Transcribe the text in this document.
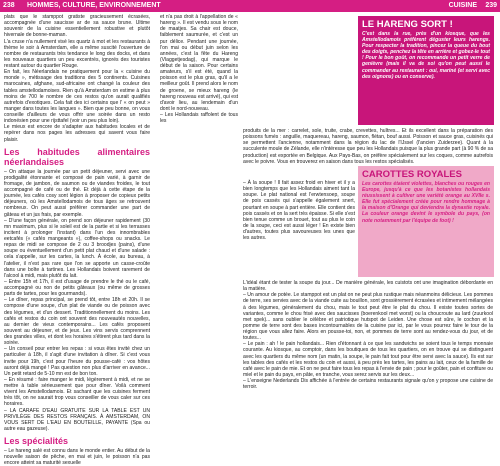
238 HOMMES, CULTURE, ENVIRONNEMENT	CUISINE 239

plats que le stamppot gratiste gracieusement écrasées, accompagnée d'une saucisse ar de sa sauce brune. Ultime souvenir de la cuisine essentiellement robustive et plutôt hivernale de bonne-maman.

L'a cruse n'a nullement visé les quartz à mot et les restaurants à thème le soir à Amsterdam, elle a même suscité l'ouverture de nombre de restaurants très tendance le long des docks, et dans les nouveaux quartiers un peu excentrés, ignorés des touristes restant autour du quartier Rouge.

En fait, les Néerlandais ne pratiquement pour la « cuisine du monde », métissage des traditions des 5 continents. Cuisines marocaines, afghane, sud-africaine ont changé la couleur des tables amstellodamoises. Rien qu'à Amsterdam on estime à plus moins de 700 le nombre de ces restos qu'on aurait qualifiés autrefois d'exotiques. Cela fait des ici certains que l' « on peut » manger dans toutes les langues ». Bien que peu bonne, on vous conseille d'ailleurs de vous offrir une soirée dans un resto indonésien pour une rijsttafel (voir un peu plus loin).

Le mieux est encore de s'adapter aux habitudes locales et de repérer dans nos pages les adresses qui savent vous faire plaisir.

Les habitudes alimentaires néerlandaises

– On attaque la journée par un petit déjeuner, servi avec une prodigalité étonnante et composé de pain varié, à garnir de fromage, de jambon, de saumon ou de viandes froides, le tout accompagné de café ou de thé. Et déjà à cette étape de la journée, les cafés cosy sont légion à proposer de copieux petits déjeuners, où les Amstellodamois de tous âges se retrouvent nombreux. On peut aussi préférer commander une part de gâteau et un jus frais, par exemple.

– D'une façon générale, on prend son déjeuner rapidement (30 mn maximum, plus si le soleil est de la partie et si les terrasses incitent à prolonger l'instant) dans l'un des innombrables eetcafés (« cafés mangeants »), coffee-shops ou snacks. Le repas de midi se compose de 2 ou 3 broodjes (pains), d'une soupe ou éventuellement d'un petit plat chaud et d'une salade : cela s'appelle, sur les cartes, la lunch. À école, au bureau, à l'atelier, il n'est pas rare que l'on se apporte un casse-croûte dans une boîte à tartines. Les Hollandais boivent rarement de l'alcool à midi, mais plutôt du lait.

– Entre 15h et 17h, il est d'usage de prendre le thé ou le café, accompagné ou non de petits gâteaux (ou même de grosses parts de tartes, pour les gourmands).

– Le dîner, repas principal, se prend tôt, entre 18h et 20h. Il se compose d'une soupe, d'un plat de viande ou de poisson avec des légumes, et d'un dessert. Traditionnellement du moins. Les cafés et restos du coin ont souvent des nouveautés nouvelles, au dernier de vieux contemporains... Les cafés proposent souvent au déjeuner, et de jeux. Les vins servis comprennent des grandes villes, et dont les horaires s'étirent plus tard dans la soirée.

– Un conseil pour entrer les repas : si vous êtes invité chez un particulier à 18h, il s'agit d'une invitation à dîner. Si c'est vous invite pour 19h, c'est pour l'heure du pousse-café : vos hôtes auront déjà mangé ! Pas question non plus d'arriver en avance... Un petit retard de 5-10 mn est de bon ton.

– En résumé : faire manger le midi, légèrement à midi, et ne se mettre à table sérieusement que pour dîner. Voilà comment vivent les Amstellodamois. Et sachant que les cuisines ferment très tôt, on ne saurait trop vous conseiller de vous caler sur ces horaires.

– LA CARAFE D'EAU GRATUITE SUR LA TABLE EST UN PRIVILÈGE DES RESTOS FRANÇAIS. À AMSTERDAM, ON VOUS SERT DE L'EAU EN BOUTEILLE, PAYANTE (Spa ou autre eau gazeuse).

Les spécialités

– Le hareng salé est connu dans le monde entier. Au début de la nouvelle saison de pêche, en mai et juin, le poisson n'a pas encore atteint sa maturité sexuelle

et n'a pas droit à l'appellation de « hareng ». Il est vendu sous le nom de maatjes. Sa chair est douce, faiblement saumurée, et c'est un pur délice. Pendant une journée, l'on mai ou début juin selon les années, c'est la fête du Hareng (Vlaggetjesdag), qui marque le début de la saison. Pour certains amateurs, s'il est été, quand la poisson est le plus gras, qu'il a le meilleur goût. Il prend alors le nom de groene, se mieux hareng (le hareng nouveau est arrivé), qui est d'avoir lieu, au lendemain d'un dont le nord-nouveau.

– Les Hollandais raffolent de tous les

LE HARENG SORT !
C'est dans la rue, près d'un kiosque, que les Amstellodamois préfèrent déguster leurs harengs. Pour respecter la tradition, pincez la queue du bout des doigts, penchez la tête en arrière et gobez-le tout ! Pour le bon goût, on recommande un petit verre de genièvre (mais il va de soi qu'on peut aussi le commander au restaurant : oui, mariné (et servi avec des oignons) ou en conserve).

produits de la mer : carrelet, sole, truite, crabe, crevettes, huîtres... Et ils excellent dans la préparation des poissons fumés : anguille, maquereau, hareng, saumon, flétan, bouf aussi. Poisson et sauce gras, cuisinés qui se permettent l'ancienne, notamment dans la région du lac de l'IJssel (l'ancien Zuiderzee). Quant à la succulente moule de Zélande, elle n'intéresse que peu les Hollandais puisque la plus grande part (à 90 % de sa production) est exportée en Belgique. Aux Pays-Bas, on préfère spécialement sur les coques, comme autrefois avec le poivre. Vous en trouverez en saison dans tous les restos spécialisés.

– À la soupe ! Il fait assez froid en hiver et il y a bien longtemps que les Hollandais aiment tant la soupe. Le plat national est l'erwtensoep, soupe de pois cassés qui s'appelle également snert, pourtant en soupe à part entière. Elle contient des pois cassés et on la sert très épaisse. Si elle s'est bien tenue comme un brouet, tout au plus le coin de la soupe, ceci est aussi léger ! En existe bien d'autres, toutes plus savoureuses les unes que les autres.

CAROTTES ROYALES
Les carottes étaient violettes, blanches ou rouges en Europe, jusqu'à ce que les botanistes hollandais réussissent à cultiver une variété orange au XVIIe s. Elle fut spécialement créée pour rendre hommage à la maison d'Orange qui deviendra la dynastie royale. La couleur orange devint le symbole du pays, (on note notamment par l'équipe de foot) !

L'idéal étant de tester la soupe du jour... De manière générale, les cuistots ont une imagination débordante en la matière.

– Un amour de potée. Le stamppot est un plat on ne peut plus rustique mais néanmoins délicieux. Les pommes de terre, ses servies avec de la viande cuite au bouillon, sont grossièrement écrasées et intimement mélangées à des légumes, généralement du chou, mais le tout peut être le plat du chou. Il existe toutes sortes de variantes, comme le chou frisé avec des saucisses (boerenkool met worst) ou la choucroute au lard (zuurkool met spek)... sans oublier le célèbre et patriotique hutspot de Leiden. Une chose est sûre, le cochon et la pomme de terre sont des bases incontournables de la cuisine par ici, par le vous pourrez faire le tour de la région que vous allez faire. Alors en pousse-toi, non, et pommes de terre sont au rendez-vous du jour, et de toutes...

– Le pain : ah ! le pain hollandais... Rien d'étonnant à ce que les sandwichs se soient tous le temps monnaie courante. Au kiosque, au comptoir, dans les boutiques de tous les quartiers, on en trouve qui se distinguent avec les quartiers du même nom (un matin, la soupe, le pain fait tout pour être servi avec la sauce). Ils est sur les tables des cafés et les restos du coin et aussi, à peu près les tartes, les pains au lait, ceux de la famille de café avec le pain de mie. Et on ne peut faire tous les repas à l'envie de pain ; pour le goûter, pain et confiture ou miel et le pain du pays, en pâte, en tranche, vous serez servis sur les deux...

– L'enseigne Nederlands Dis affichée à l'entrée de certains restaurants signale qu'on y propose une cuisine de terroir.
